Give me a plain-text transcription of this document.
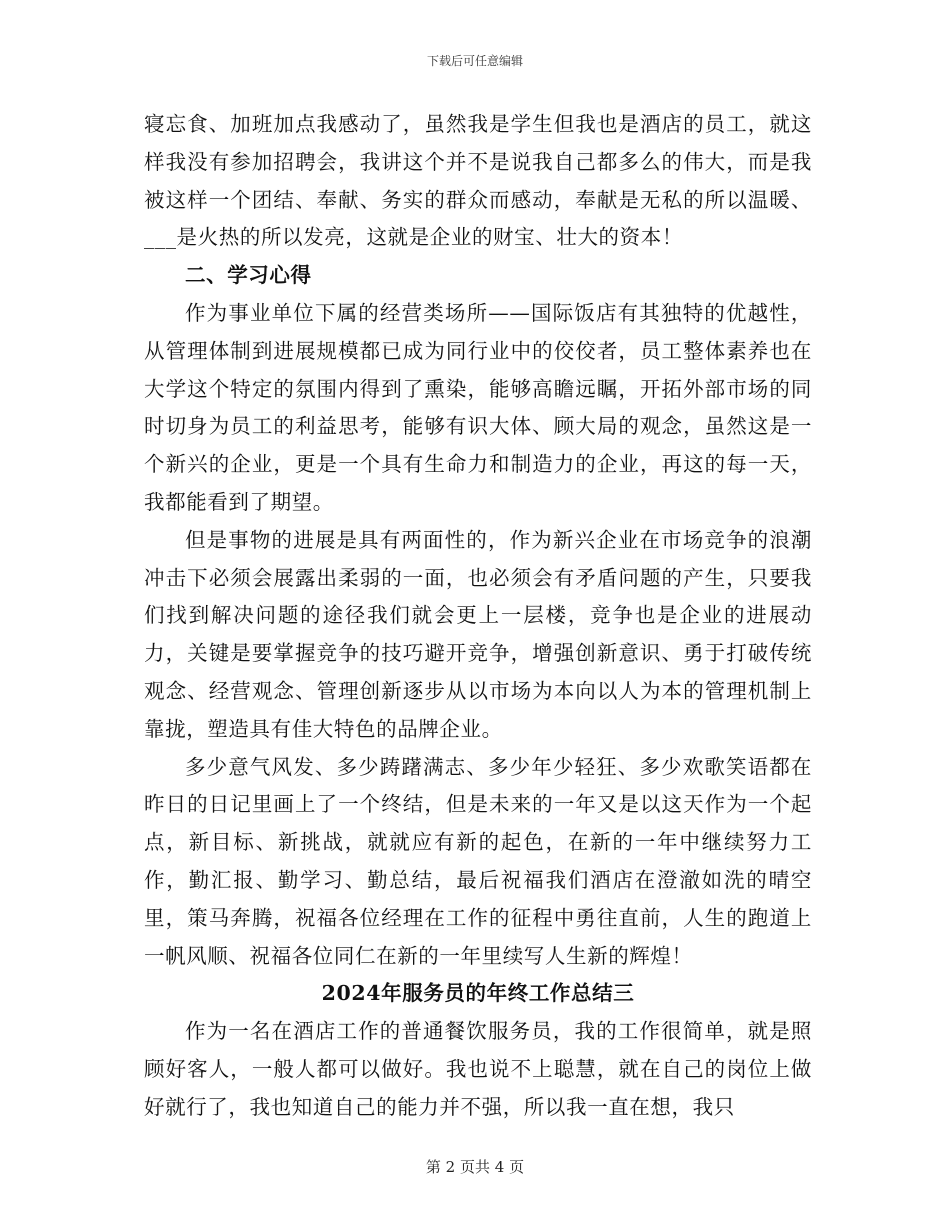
下载后可任意编辑

寝忘食、加班加点我感动了，虽然我是学生但我也是酒店的员工，就这样我没有参加招聘会，我讲这个并不是说我自己都多么的伟大，而是我被这样一个团结、奉献、务实的群众而感动，奉献是无私的所以温暖、___是火热的所以发亮，这就是企业的财宝、壮大的资本！

二、学习心得

作为事业单位下属的经营类场所——国际饭店有其独特的优越性，从管理体制到进展规模都已成为同行业中的佼佼者，员工整体素养也在大学这个特定的氛围内得到了熏染，能够高瞻远瞩，开拓外部市场的同时切身为员工的利益思考，能够有识大体、顾大局的观念，虽然这是一个新兴的企业，更是一个具有生命力和制造力的企业，再这的每一天，我都能看到了期望。

但是事物的进展是具有两面性的，作为新兴企业在市场竞争的浪潮冲击下必须会展露出柔弱的一面，也必须会有矛盾问题的产生，只要我们找到解决问题的途径我们就会更上一层楼，竞争也是企业的进展动力，关键是要掌握竞争的技巧避开竞争，增强创新意识、勇于打破传统观念、经营观念、管理创新逐步从以市场为本向以人为本的管理机制上靠拢，塑造具有佳大特色的品牌企业。

多少意气风发、多少踌躇满志、多少年少轻狂、多少欢歌笑语都在昨日的日记里画上了一个终结，但是未来的一年又是以这天作为一个起点，新目标、新挑战，就就应有新的起色，在新的一年中继续努力工作，勤汇报、勤学习、勤总结，最后祝福我们酒店在澄澈如洗的晴空里，策马奔腾，祝福各位经理在工作的征程中勇往直前，人生的跑道上一帆风顺、祝福各位同仁在新的一年里续写人生新的辉煌！

2024年服务员的年终工作总结三

作为一名在酒店工作的普通餐饮服务员，我的工作很简单，就是照顾好客人，一般人都可以做好。我也说不上聪慧，就在自己的岗位上做好就行了，我也知道自己的能力并不强，所以我一直在想，我只

第 2 页共 4 页
